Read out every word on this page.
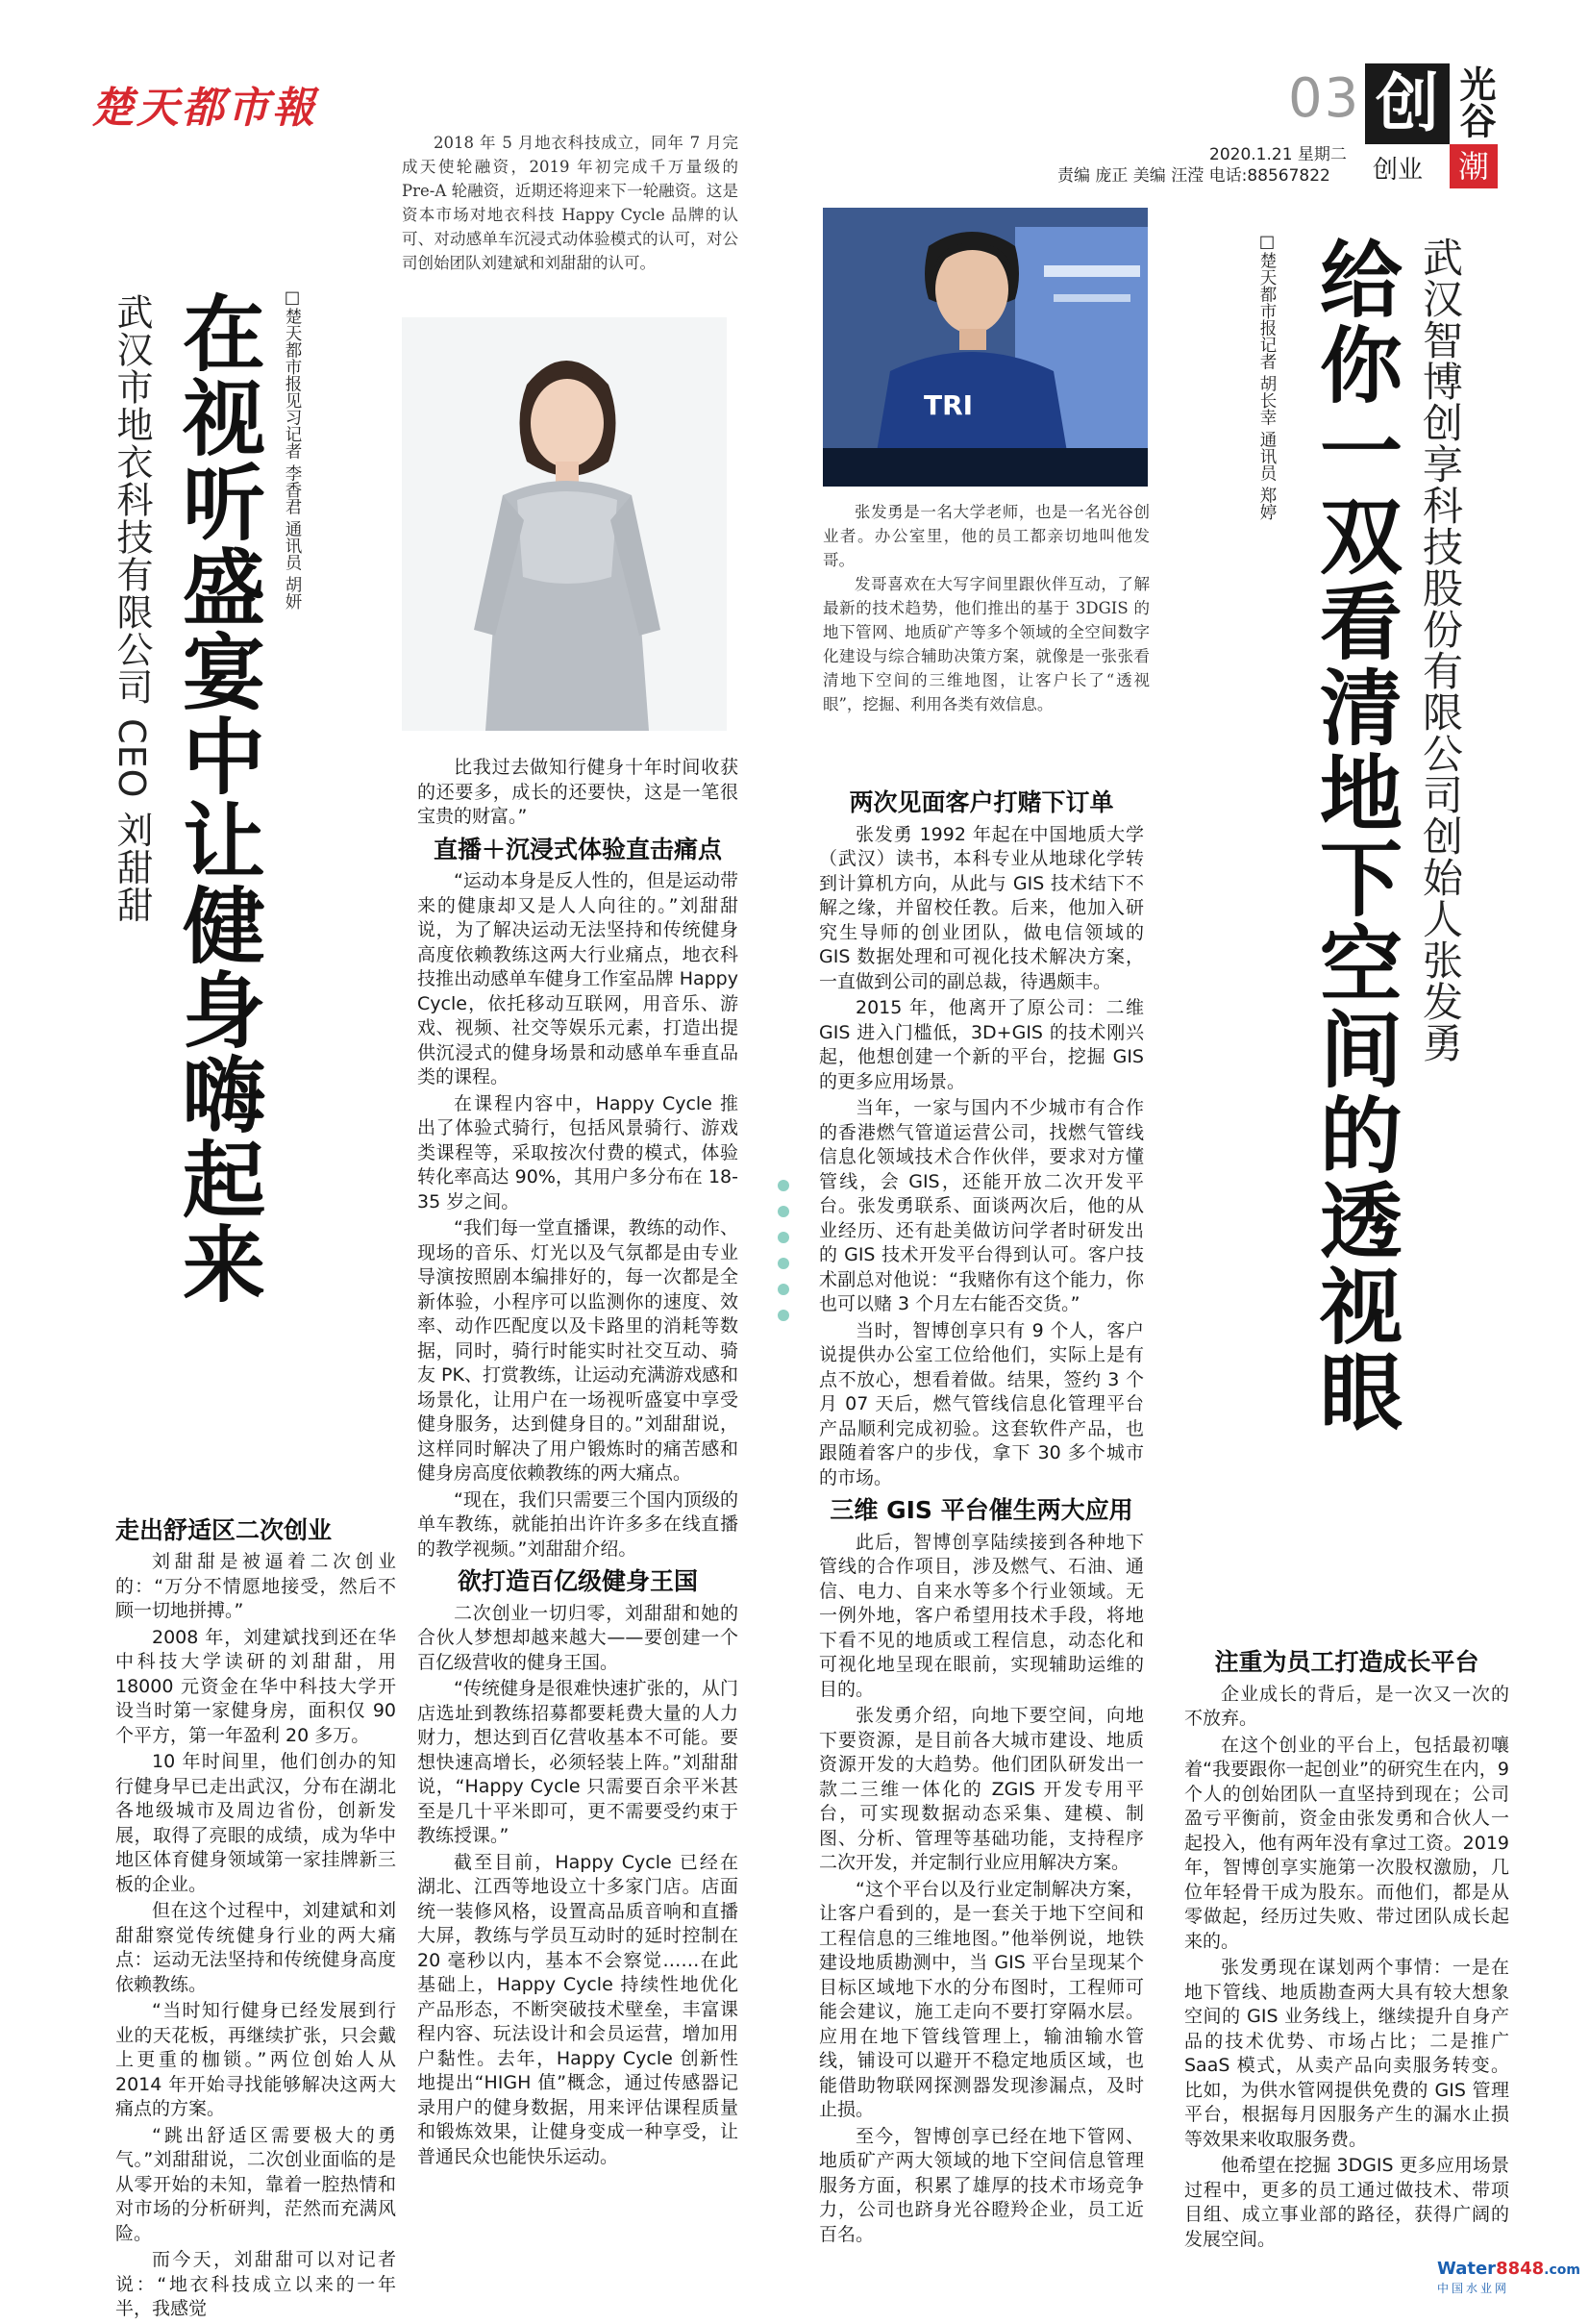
楚天都市報	03 创 光谷
创业 潮
2020.1.21 星期二
责编 庞正 美编 汪滢 电话:88567822
武汉市地衣科技有限公司 CEO 刘甜甜 在视听盛宴中让健身嗨起来 □楚天都市报见习记者 李香君 通讯员 胡妍

2018 年 5 月地衣科技成立，同年 7 月完成天使轮融资，2019 年初完成千万量级的 Pre-A 轮融资，近期还将迎来下一轮融资。这是资本市场对地衣科技 Happy Cycle 品牌的认可、对动感单车沉浸式动体验模式的认可，对公司创始团队刘建斌和刘甜甜的认可。

走出舒适区二次创业

刘甜甜是被逼着二次创业的：“万分不情愿地接受，然后不顾一切地拼搏。”

2008 年，刘建斌找到还在华中科技大学读研的刘甜甜，用 18000 元资金在华中科技大学开设当时第一家健身房，面积仅 90 个平方，第一年盈利 20 多万。

10 年时间里，他们创办的知行健身早已走出武汉，分布在湖北各地级城市及周边省份，创新发展，取得了亮眼的成绩，成为华中地区体育健身领域第一家挂牌新三板的企业。

但在这个过程中，刘建斌和刘甜甜察觉传统健身行业的两大痛点：运动无法坚持和传统健身高度依赖教练。

“当时知行健身已经发展到行业的天花板，再继续扩张，只会戴上更重的枷锁。”两位创始人从 2014 年开始寻找能够解决这两大痛点的方案。

“跳出舒适区需要极大的勇气。”刘甜甜说，二次创业面临的是从零开始的未知，靠着一腔热情和对市场的分析研判，茫然而充满风险。

而今天，刘甜甜可以对记者说：“地衣科技成立以来的一年半，我感觉

比我过去做知行健身十年时间收获的还要多，成长的还要快，这是一笔很宝贵的财富。”

直播＋沉浸式体验直击痛点

“运动本身是反人性的，但是运动带来的健康却又是人人向往的。”刘甜甜说，为了解决运动无法坚持和传统健身高度依赖教练这两大行业痛点，地衣科技推出动感单车健身工作室品牌 Happy Cycle，依托移动互联网，用音乐、游戏、视频、社交等娱乐元素，打造出提供沉浸式的健身场景和动感单车垂直品类的课程。

在课程内容中，Happy Cycle 推出了体验式骑行，包括风景骑行、游戏类课程等，采取按次付费的模式，体验转化率高达 90%，其用户多分布在 18-35 岁之间。

“我们每一堂直播课，教练的动作、现场的音乐、灯光以及气氛都是由专业导演按照剧本编排好的，每一次都是全新体验，小程序可以监测你的速度、效率、动作匹配度以及卡路里的消耗等数据，同时，骑行时能实时社交互动、骑友 PK、打赏教练，让运动充满游戏感和场景化，让用户在一场视听盛宴中享受健身服务，达到健身目的。”刘甜甜说，这样同时解决了用户锻炼时的痛苦感和健身房高度依赖教练的两大痛点。

“现在，我们只需要三个国内顶级的单车教练，就能拍出许许多多在线直播的教学视频。”刘甜甜介绍。

欲打造百亿级健身王国

二次创业一切归零，刘甜甜和她的合伙人梦想却越来越大——要创建一个百亿级营收的健身王国。

“传统健身是很难快速扩张的，从门店选址到教练招募都要耗费大量的人力财力，想达到百亿营收基本不可能。要想快速高增长，必须轻装上阵。”刘甜甜说，“Happy Cycle 只需要百余平米甚至是几十平米即可，更不需要受约束于教练授课。”

截至目前，Happy Cycle 已经在湖北、江西等地设立十多家门店。店面统一装修风格，设置高品质音响和直播大屏，教练与学员互动时的延时控制在 20 毫秒以内，基本不会察觉……在此基础上，Happy Cycle 持续性地优化产品形态，不断突破技术壁垒，丰富课程内容、玩法设计和会员运营，增加用户黏性。去年，Happy Cycle 创新性地提出“HIGH 值”概念，通过传感器记录用户的健身数据，用来评估课程质量和锻炼效果，让健身变成一种享受，让普通民众也能快乐运动。

TRI

张发勇是一名大学老师，也是一名光谷创业者。办公室里，他的员工都亲切地叫他发哥。

发哥喜欢在大写字间里跟伙伴互动，了解最新的技术趋势，他们推出的基于 3DGIS 的地下管网、地质矿产等多个领域的全空间数字化建设与综合辅助决策方案，就像是一张张看清地下空间的三维地图，让客户长了“透视眼”，挖掘、利用各类有效信息。

□楚天都市报记者 胡长幸 通讯员 郑婷 给你一双看清地下空间的透视眼 武汉智博创享科技股份有限公司创始人张发勇
两次见面客户打赌下订单

张发勇 1992 年起在中国地质大学（武汉）读书，本科专业从地球化学转到计算机方向，从此与 GIS 技术结下不解之缘，并留校任教。后来，他加入研究生导师的创业团队，做电信领域的 GIS 数据处理和可视化技术解决方案，一直做到公司的副总裁，待遇颇丰。

2015 年，他离开了原公司：二维 GIS 进入门槛低，3D+GIS 的技术刚兴起，他想创建一个新的平台，挖掘 GIS 的更多应用场景。

当年，一家与国内不少城市有合作的香港燃气管道运营公司，找燃气管线信息化领域技术合作伙伴，要求对方懂管线，会 GIS，还能开放二次开发平台。张发勇联系、面谈两次后，他的从业经历、还有赴美做访问学者时研发出的 GIS 技术开发平台得到认可。客户技术副总对他说：“我赌你有这个能力，你也可以赌 3 个月左右能否交货。”

当时，智博创享只有 9 个人，客户说提供办公室工位给他们，实际上是有点不放心，想看着做。结果，签约 3 个月 07 天后，燃气管线信息化管理平台产品顺利完成初验。这套软件产品，也跟随着客户的步伐，拿下 30 多个城市的市场。

三维 GIS 平台催生两大应用

此后，智博创享陆续接到各种地下管线的合作项目，涉及燃气、石油、通信、电力、自来水等多个行业领域。无一例外地，客户希望用技术手段，将地下看不见的地质或工程信息，动态化和可视化地呈现在眼前，实现辅助运维的目的。

张发勇介绍，向地下要空间，向地下要资源，是目前各大城市建设、地质资源开发的大趋势。他们团队研发出一款二三维一体化的 ZGIS 开发专用平台，可实现数据动态采集、建模、制图、分析、管理等基础功能，支持程序二次开发，并定制行业应用解决方案。

“这个平台以及行业定制解决方案，让客户看到的，是一套关于地下空间和工程信息的三维地图。”他举例说，地铁建设地质勘测中，当 GIS 平台呈现某个目标区域地下水的分布图时，工程师可能会建议，施工走向不要打穿隔水层。应用在地下管线管理上，输油输水管线，铺设可以避开不稳定地质区域，也能借助物联网探测器发现渗漏点，及时止损。

至今，智博创享已经在地下管网、地质矿产两大领域的地下空间信息管理服务方面，积累了雄厚的技术市场竞争力，公司也跻身光谷瞪羚企业，员工近百名。

注重为员工打造成长平台

企业成长的背后，是一次又一次的不放弃。

在这个创业的平台上，包括最初嚷着“我要跟你一起创业”的研究生在内，9 个人的创始团队一直坚持到现在；公司盈亏平衡前，资金由张发勇和合伙人一起投入，他有两年没有拿过工资。2019 年，智博创享实施第一次股权激励，几位年轻骨干成为股东。而他们，都是从零做起，经历过失败、带过团队成长起来的。

张发勇现在谋划两个事情：一是在地下管线、地质勘查两大具有较大想象空间的 GIS 业务线上，继续提升自身产品的技术优势、市场占比；二是推广 SaaS 模式，从卖产品向卖服务转变。比如，为供水管网提供免费的 GIS 管理平台，根据每月因服务产生的漏水止损等效果来收取服务费。

他希望在挖掘 3DGIS 更多应用场景过程中，更多的员工通过做技术、带项目组、成立事业部的路径，获得广阔的发展空间。

Water8848.com
中国水业网
